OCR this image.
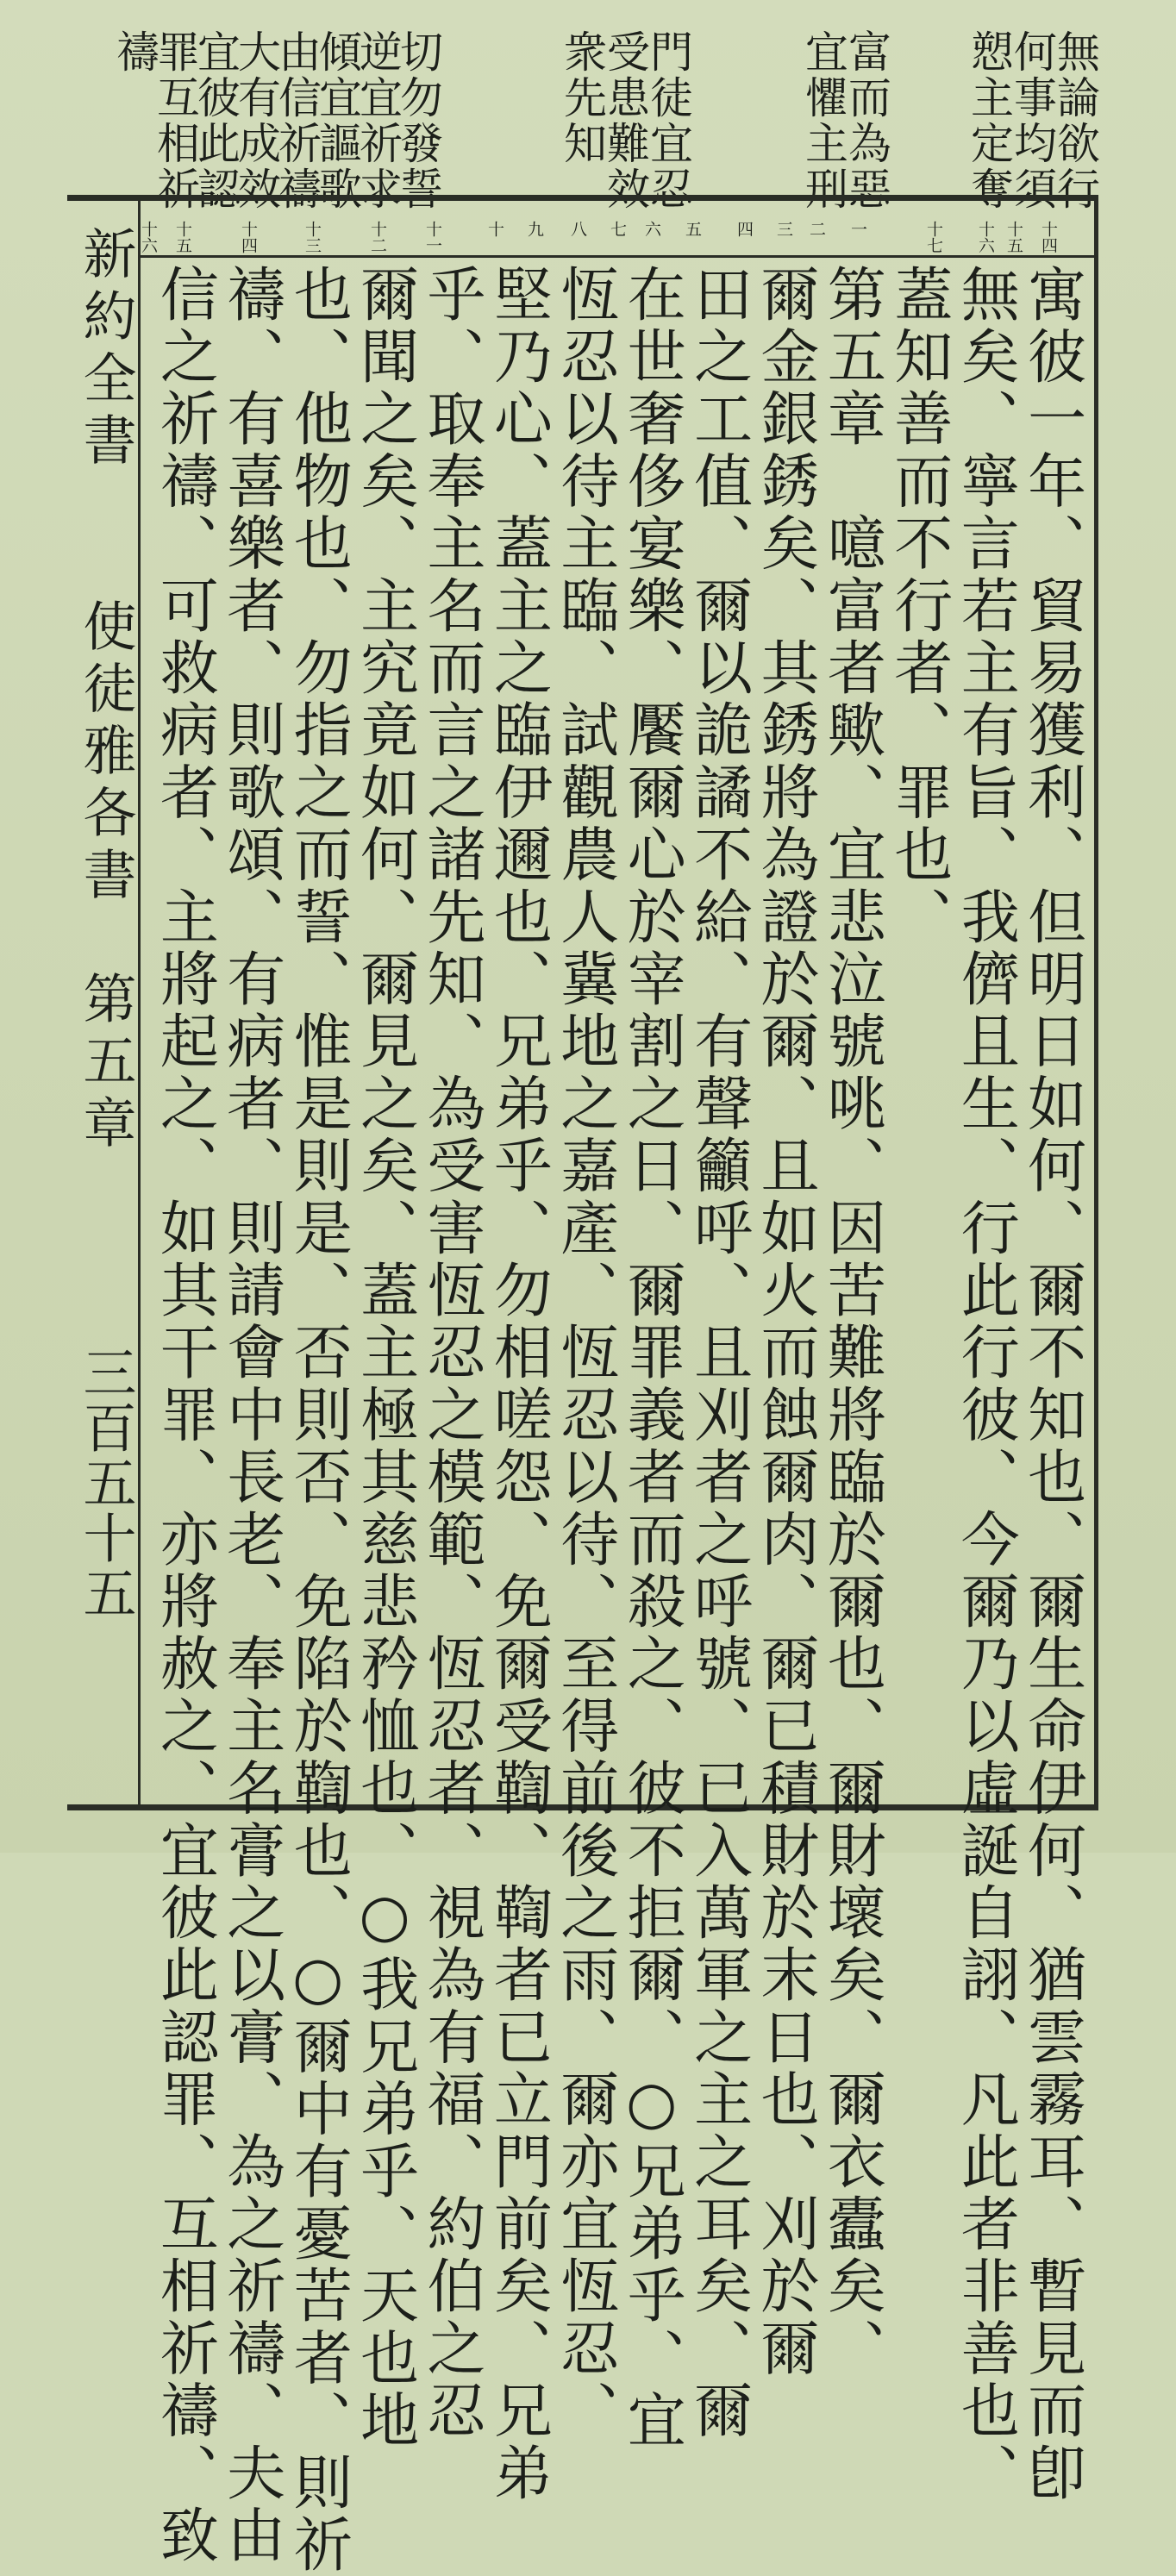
無論欲行
何事均須
愬主定奪
富而為惡
宜懼主刑
門徒宜忍
受患難效
衆先知
切勿發誓
逆宜祈求
傾宜謳歌
由信祈禱
大有成效
宜彼此認
罪互相祈
禱
十四
十五
十六
十七
一
二
三
四
五
六
七
八
九
十
十一
十二
十三
十四
十五
十六
寓彼一年、貿易獲利、但明日如何、爾不知也、爾生命伊何、猶雲霧耳、暫見而卽
無矣、寧言若主有旨、我儕且生、行此行彼、今爾乃以虛誕自詡、凡此者非善也、
蓋知善而不行者、罪也、
第五章　噫富者歟、宜悲泣號咷、因苦難將臨於爾也、爾財壞矣、爾衣蠹矣、
爾金銀銹矣、其銹將為證於爾、且如火而蝕爾肉、爾已積財於末日也、刈於爾
田之工值、爾以詭譎不給、有聲籲呼、且刈者之呼號、已入萬軍之主之耳矣、爾
在世奢侈宴樂、饜爾心於宰割之日、爾罪義者而殺之、彼不拒爾、○兄弟乎、宜
恆忍以待主臨、試觀農人冀地之嘉產、恆忍以待、至得前後之雨、爾亦宜恆忍、
堅乃心、蓋主之臨伊邇也、兄弟乎、勿相嗟怨、免爾受鞫、鞫者已立門前矣、兄弟
乎、取奉主名而言之諸先知、為受害恆忍之模範、恆忍者、視為有福、約伯之忍
爾聞之矣、主究竟如何、爾見之矣、蓋主極其慈悲矜恤也、○我兄弟乎、天也地
也、他物也、勿指之而誓、惟是則是、否則否、免陷於鞫也、○爾中有憂苦者、則祈
禱、有喜樂者、則歌頌、有病者、則請會中長老、奉主名膏之以膏、為之祈禱、夫由
信之祈禱、可救病者、主將起之、如其干罪、亦將赦之、宜彼此認罪、互相祈禱、致
新約全書　　使徒雅各書　第五章
三百五十五
